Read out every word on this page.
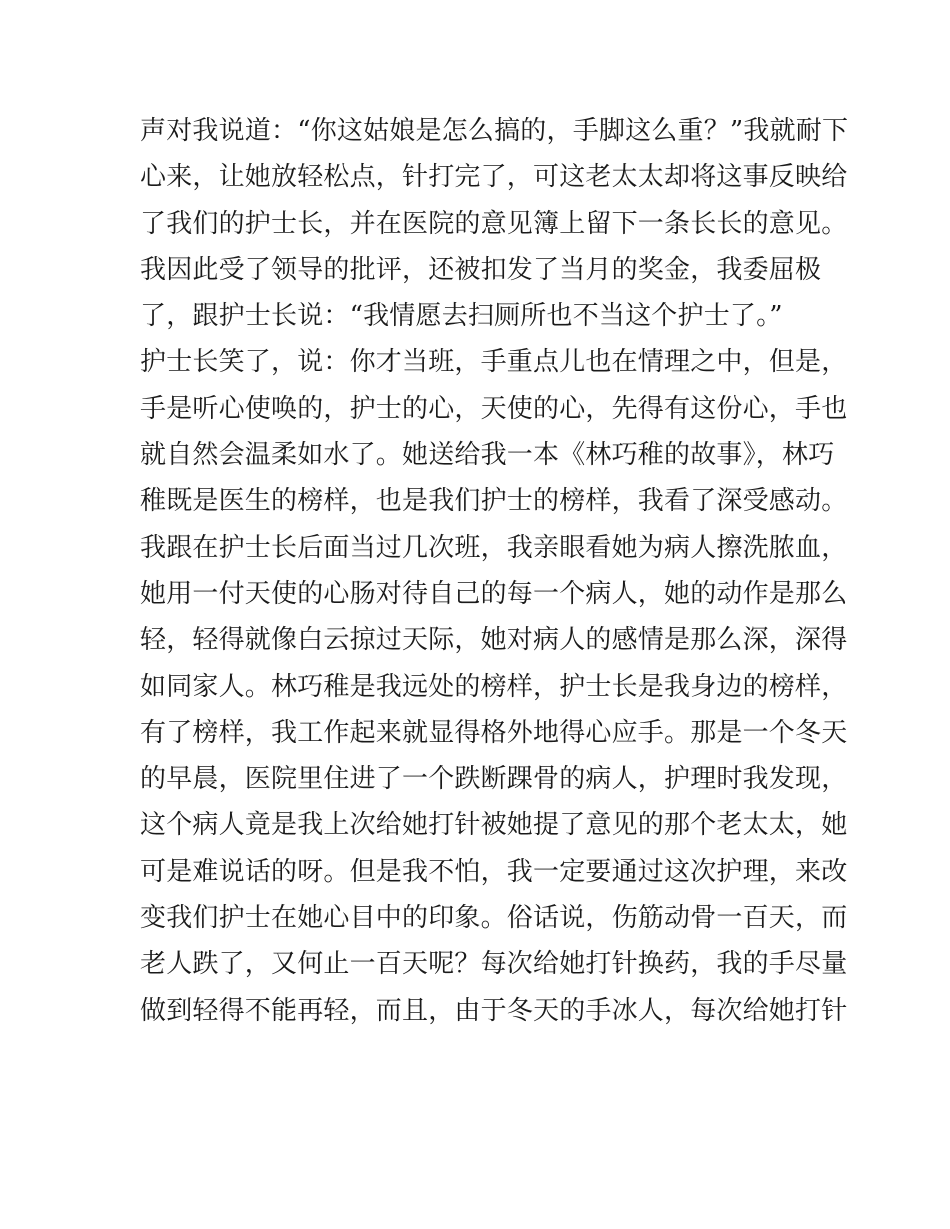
声对我说道：“你这姑娘是怎么搞的，手脚这么重？”我就耐下
心来，让她放轻松点，针打完了，可这老太太却将这事反映给
了我们的护士长，并在医院的意见簿上留下一条长长的意见。
我因此受了领导的批评，还被扣发了当月的奖金，我委屈极
了，跟护士长说：“我情愿去扫厕所也不当这个护士了。”
护士长笑了，说：你才当班，手重点儿也在情理之中，但是，
手是听心使唤的，护士的心，天使的心，先得有这份心，手也
就自然会温柔如水了。她送给我一本《林巧稚的故事》，林巧
稚既是医生的榜样，也是我们护士的榜样，我看了深受感动。
我跟在护士长后面当过几次班，我亲眼看她为病人擦洗脓血，
她用一付天使的心肠对待自己的每一个病人，她的动作是那么
轻，轻得就像白云掠过天际，她对病人的感情是那么深，深得
如同家人。林巧稚是我远处的榜样，护士长是我身边的榜样，
有了榜样，我工作起来就显得格外地得心应手。那是一个冬天
的早晨，医院里住进了一个跌断踝骨的病人，护理时我发现，
这个病人竟是我上次给她打针被她提了意见的那个老太太，她
可是难说话的呀。但是我不怕，我一定要通过这次护理，来改
变我们护士在她心目中的印象。俗话说，伤筋动骨一百天，而
老人跌了，又何止一百天呢？每次给她打针换药，我的手尽量
做到轻得不能再轻，而且，由于冬天的手冰人，每次给她打针
